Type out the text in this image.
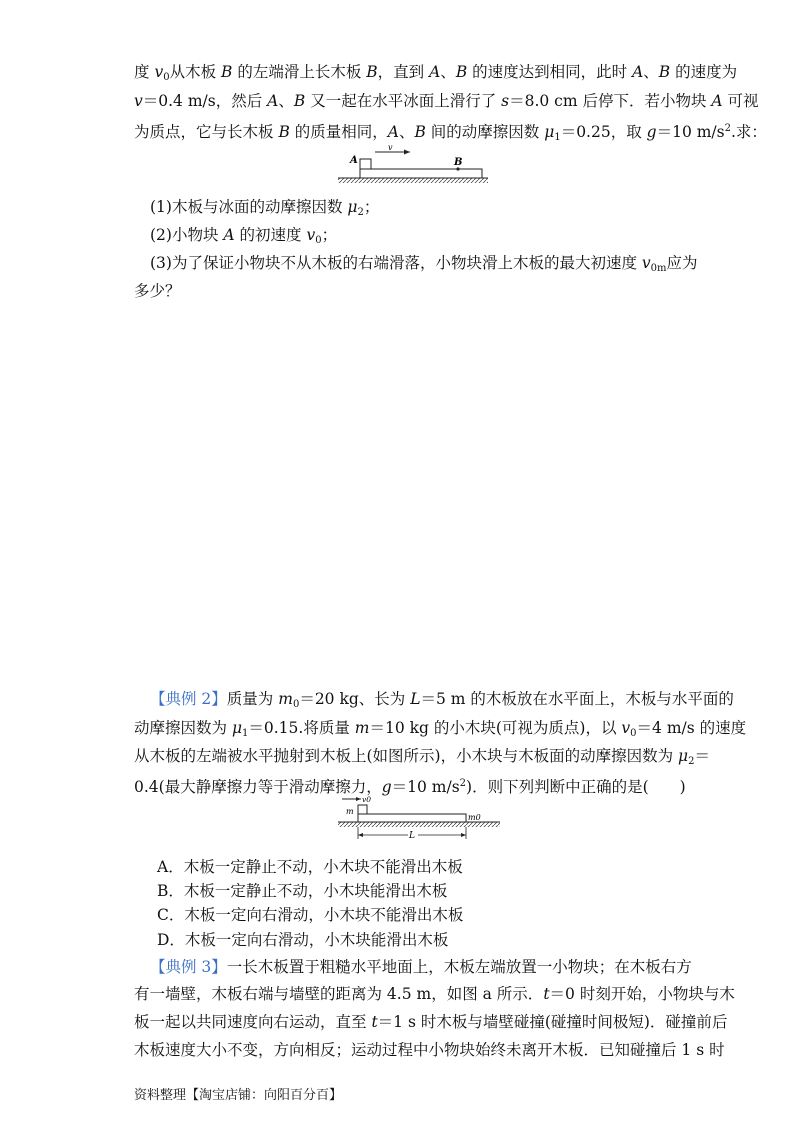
度 $v_0$从木板 B 的左端滑上长木板 B，直到 A、B 的速度达到相同，此时 A、B 的速度为
v＝0.4 m/s，然后 A、B 又一起在水平冰面上滑行了 s＝8.0 cm 后停下．若小物块 A 可视
为质点，它与长木板 B 的质量相同，A、B 间的动摩擦因数 $\mu_1=0.25$，取 g＝10 $m/s^2$.求：
A	B
v
(1)木板与冰面的动摩擦因数 $\mu_2$；
(2)小物块 A 的初速度 $v_0$；
(3)为了保证小物块不从木板的右端滑落，小物块滑上木板的最大初速度 $v_{0m}$应为
多少？
【典例 2】质量为 $m_0=20$ kg、长为 L＝5 m 的木板放在水平面上，木板与水平面的
动摩擦因数为 $\mu_1=0.15$.将质量 m＝10 kg 的小木块(可视为质点)，以 $v_0=4$ m/s 的速度
从木板的左端被水平抛射到木板上(如图所示)，小木块与木板面的动摩擦因数为 $\mu_2=$
0.4(最大静摩擦力等于滑动摩擦力，g＝10 $m/s^2$)．则下列判断中正确的是(　　)
v0
m
m0
L
A．木板一定静止不动，小木块不能滑出木板
B．木板一定静止不动，小木块能滑出木板
C．木板一定向右滑动，小木块不能滑出木板
D．木板一定向右滑动，小木块能滑出木板
【典例 3】一长木板置于粗糙水平地面上，木板左端放置一小物块；在木板右方
有一墙壁，木板右端与墙壁的距离为 4.5 m，如图 a 所示．t＝0 时刻开始，小物块与木
板一起以共同速度向右运动，直至 t＝1 s 时木板与墙壁碰撞(碰撞时间极短)．碰撞前后
木板速度大小不变，方向相反；运动过程中小物块始终未离开木板．已知碰撞后 1 s 时
资料整理【淘宝店铺：向阳百分百】
